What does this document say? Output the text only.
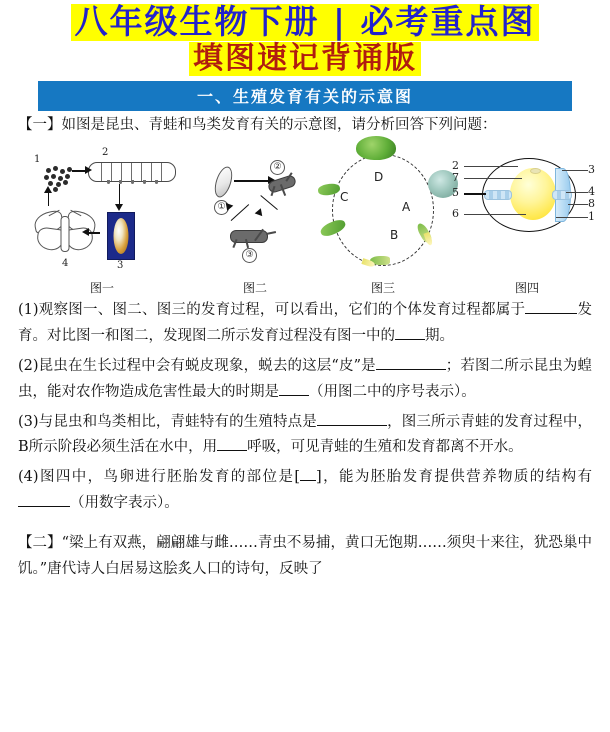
八年级生物下册 | 必考重点图
填图速记背诵版
一、生殖发育有关的示意图
【一】如图是昆虫、青蛙和鸟类发育有关的示意图，请分析回答下列问题：
1
2
3
4
图一
①
②
③
图二
D
A
B
C
图三
2
7
5
6
3
4
8
1
图四
(1)观察图一、图二、图三的发育过程，可以看出，它们的个体发育过程都属于	发育。对比图一和图二，发现图二所示发育过程没有图一中的 期。
(2)昆虫在生长过程中会有蜕皮现象，蜕去的这层“皮”是	；若图二所示昆虫为蝗虫，能对农作物造成危害性最大的时期是 （用图二中的序号表示）。
(3)与昆虫和鸟类相比，青蛙特有的生殖特点是	，图三所示青蛙的发育过程中，B所示阶段必须生活在水中，用 呼吸，可见青蛙的生殖和发育都离不开水。
(4)图四中，鸟卵进行胚胎发育的部位是[ ]，能为胚胎发育提供营养物质的结构有（用数字表示）。
【二】“梁上有双燕，翩翩雄与雌……青虫不易捕，黄口无饱期……须臾十来往，犹恐巢中饥。”唐代诗人白居易这脍炙人口的诗句，反映了
